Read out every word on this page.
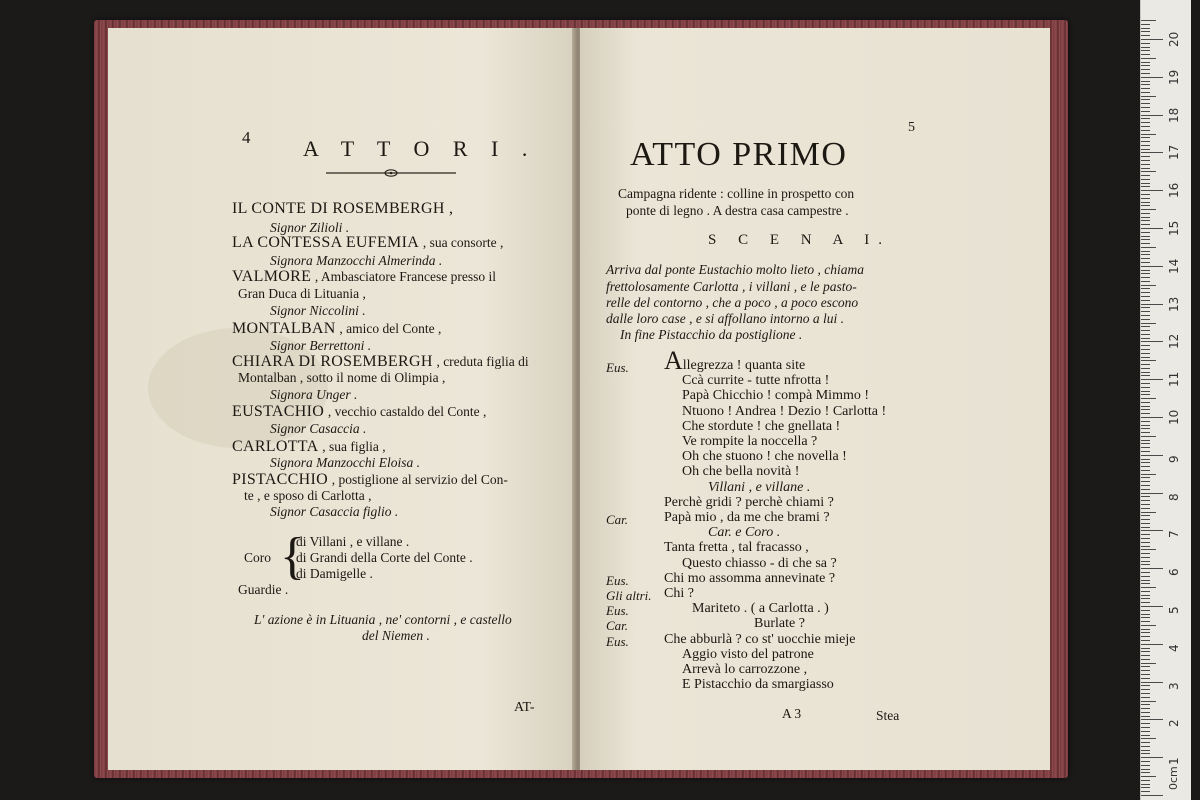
4 A T T O R I .
IL CONTE DI ROSEMBERGH ,
Signor Zilioli .
LA CONTESSA EUFEMIA , sua consorte ,
Signora Manzocchi Almerinda .
VALMORE , Ambasciatore Francese presso il
Gran Duca di Lituania ,
Signor Niccolini .
MONTALBAN , amico del Conte ,
Signor Berrettoni .
CHIARA DI ROSEMBERGH , creduta figlia di
Montalban , sotto il nome di Olimpia ,
Signora Unger .
EUSTACHIO , vecchio castaldo del Conte ,
Signor Casaccia .
CARLOTTA , sua figlia ,
Signora Manzocchi Eloisa .
PISTACCHIO , postiglione al servizio del Con-
te , e sposo di Carlotta ,
Signor Casaccia figlio .
Coro {
di Villani , e villane .
di Grandi della Corte del Conte .
di Damigelle .
Guardie .
L' azione è in Lituania , ne' contorni , e castello
del Niemen .
AT-
5
ATTO PRIMO
Campagna ridente : colline in prospetto con
ponte di legno . A destra casa campestre .
S C E N A I.
Arriva dal ponte Eustachio molto lieto , chiama
frettolosamente Carlotta , i villani , e le pasto-
relle del contorno , che a poco , a poco escono
dalle loro case , e si affollano intorno a lui .
In fine Pistacchio da postiglione .
Eus. Allegrezza ! quanta site
Ccà currite - tutte nfrotta !
Papà Chicchio ! compà Mimmo !
Ntuono ! Andrea ! Dezio ! Carlotta !
Che stordute ! che gnellata !
Ve rompite la noccella ?
Oh che stuono ! che novella !
Oh che bella novità !
Villani , e villane .
Perchè gridi ? perchè chiami ?
Car.	Papà mio , da me che brami ?
Car. e Coro .
Tanta fretta , tal fracasso ,
Questo chiasso - di che sa ?
Eus.	Chi mo assomma annevinate ?
Gli altri. Chi ?
Eus.	Mariteto . ( a Carlotta . )
Car.	Burlate ?
Eus.	Che abburlà ? co st' uocchie mieje
Aggio visto del patrone
Arrevà lo carrozzone ,
E Pistacchio da smargiasso
A 3	Stea
20
19
18
17
16
15
14
13
12
11
10
9
8
7
6
5
4
3
2
1
0cm
